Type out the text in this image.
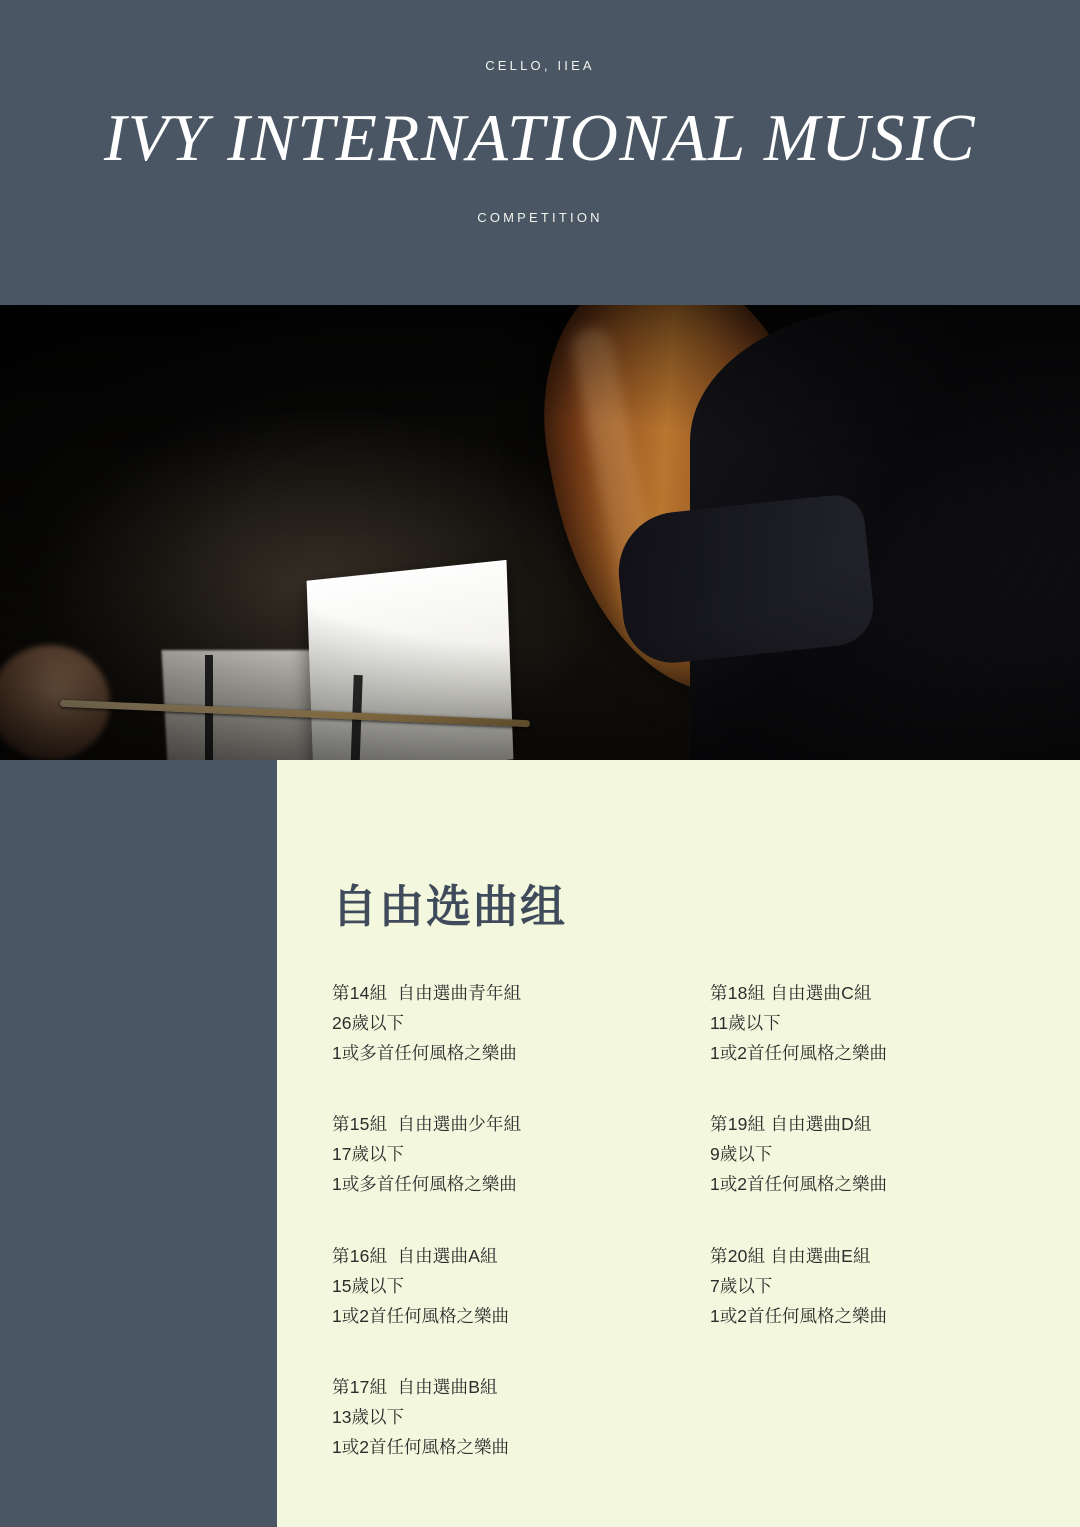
CELLO, IIEA
IVY INTERNATIONAL MUSIC
COMPETITION
自由选曲组
第14組  自由選曲青年組
26歲以下
1或多首任何風格之樂曲
第15組  自由選曲少年組
17歲以下
1或多首任何風格之樂曲
第16組  自由選曲A組
15歲以下
1或2首任何風格之樂曲
第17組  自由選曲B組
13歲以下
1或2首任何風格之樂曲
第18組 自由選曲C組
11歲以下
1或2首任何風格之樂曲
第19組 自由選曲D組
9歲以下
1或2首任何風格之樂曲
第20組 自由選曲E組
7歲以下
1或2首任何風格之樂曲
